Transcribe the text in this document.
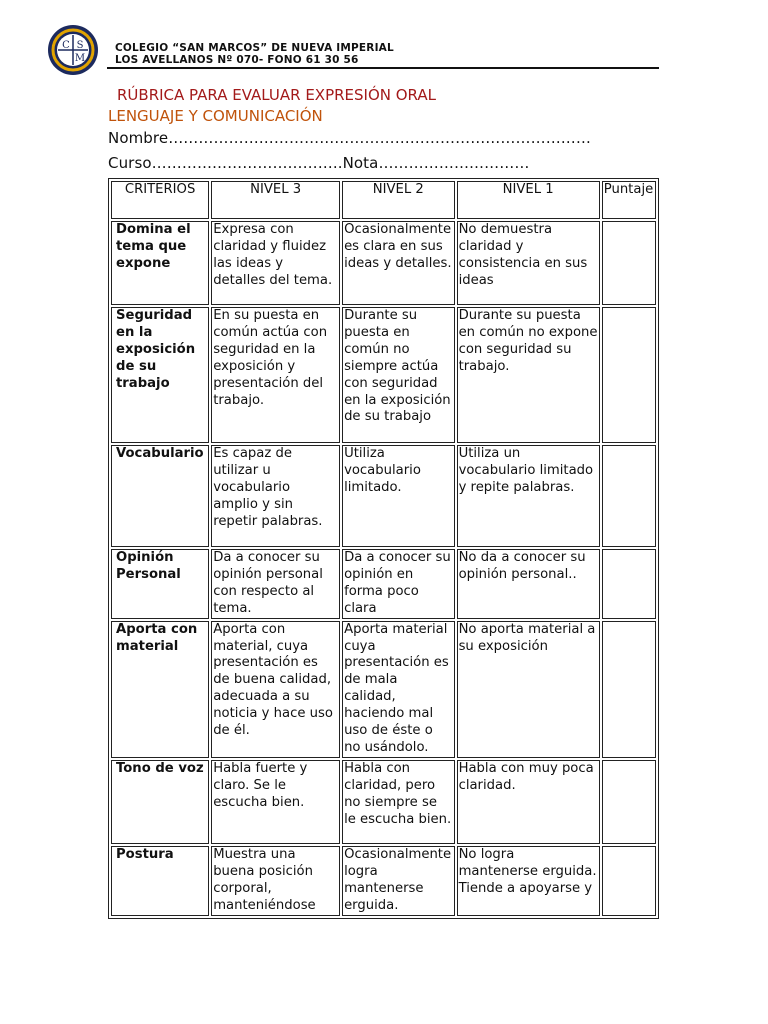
C S
M
COLEGIO “SAN MARCOS” DE NUEVA IMPERIAL
LOS AVELLANOS Nº 070- FONO 61 30 56
RÚBRICA PARA EVALUAR EXPRESIÓN ORAL
LENGUAJE Y COMUNICACIÓN
Nombre…………………………………………………………………………
Curso………………………………..Nota…………………………
CRITERIOS	NIVEL 3	NIVEL 2	NIVEL 1	Puntaje
Domina el tema que expone	Expresa con claridad y fluidez las ideas y detalles del tema.	Ocasionalmente es clara en sus ideas y detalles.	No demuestra claridad y consistencia en sus ideas	
Seguridad en la exposición de su trabajo	En su puesta en común actúa con seguridad en la exposición y presentación del trabajo.	Durante su puesta en común no siempre actúa con seguridad en la exposición de su trabajo	Durante su puesta en común no expone con seguridad su trabajo.	
Vocabulario	Es capaz de utilizar u vocabulario amplio y sin repetir palabras.	Utiliza vocabulario limitado.	Utiliza un vocabulario limitado y repite palabras.	
Opinión Personal	Da a conocer su opinión personal con respecto al tema.	Da a conocer su opinión en forma poco clara	No da a conocer su opinión personal..	
Aporta con material	Aporta con material, cuya presentación es de buena calidad, adecuada a su noticia y hace uso de él.	Aporta material cuya presentación es de mala calidad, haciendo mal uso de éste o no usándolo.	No aporta material a su exposición	
Tono de voz	Habla fuerte y claro. Se le escucha bien.	Habla con claridad, pero no siempre se le escucha bien.	Habla con muy poca claridad.	
Postura	Muestra una buena posición corporal, manteniéndose	Ocasionalmente logra mantenerse erguida.	No logra mantenerse erguida. Tiende a apoyarse y	
